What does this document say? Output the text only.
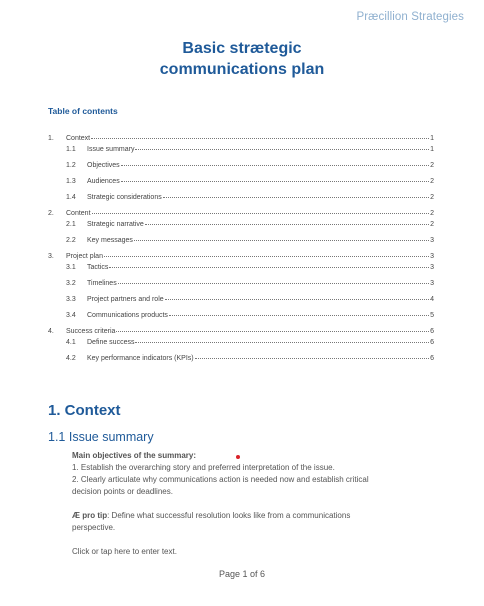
Præcillion Strategies
Basic strætegic
communications plan
Table of contents
1.	Context	1
1.1	Issue summary	1
1.2	Objectives	2
1.3	Audiences	2
1.4	Strategic considerations	2
2.	Content	2
2.1	Strategic narrative	2
2.2	Key messages	3
3.	Project plan	3
3.1	Tactics	3
3.2	Timelines	3
3.3	Project partners and role	4
3.4	Communications products	5
4.	Success criteria	6
4.1	Define success	6
4.2	Key performance indicators (KPIs)	6
1. Context
1.1 Issue summary

Main objectives of the summary:

1. Establish the overarching story and preferred interpretation of the issue.

2. Clearly articulate why communications action is needed now and establish critical

decision points or deadlines.

Æ pro tip: Define what successful resolution looks like from a communications

perspective.

Click or tap here to enter text.

Page 1 of 6
